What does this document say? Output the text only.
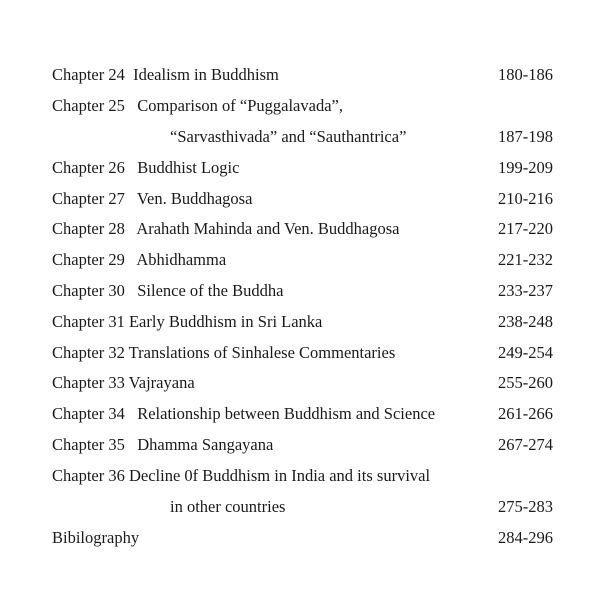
Chapter 24  Idealism in Buddhism	180-186
Chapter 25   Comparison of “Puggalavada”,
“Sarvasthivada” and “Sauthantrica”	187-198
Chapter 26   Buddhist Logic	199-209
Chapter 27   Ven. Buddhagosa	210-216
Chapter 28   Arahath Mahinda and Ven. Buddhagosa	217-220
Chapter 29   Abhidhamma	221-232
Chapter 30   Silence of the Buddha	233-237
Chapter 31 Early Buddhism in Sri Lanka	238-248
Chapter 32 Translations of Sinhalese Commentaries	249-254
Chapter 33 Vajrayana	255-260
Chapter 34   Relationship between Buddhism and Science	261-266
Chapter 35   Dhamma Sangayana	267-274
Chapter 36 Decline 0f Buddhism in India and its survival
in other countries	275-283
Bibilography	284-296
